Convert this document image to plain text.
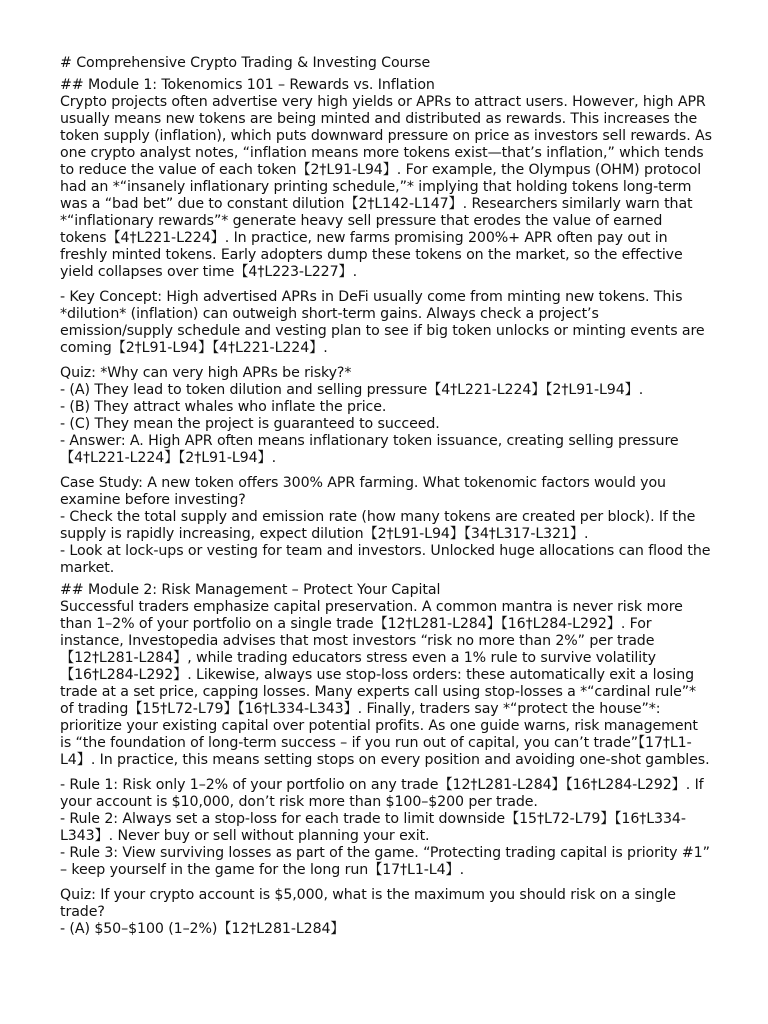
# Comprehensive Crypto Trading & Investing Course
## Module 1: Tokenomics 101 – Rewards vs. Inflation
Crypto projects often advertise very high yields or APRs to attract users. However, high APR usually means new tokens are being minted and distributed as rewards. This increases the token supply (inflation), which puts downward pressure on price as investors sell rewards. As one crypto analyst notes, “inflation means more tokens exist—that’s inflation,” which tends to reduce the value of each token【2†L91-L94】. For example, the Olympus (OHM) protocol had an *“insanely inflationary printing schedule,”* implying that holding tokens long-term was a “bad bet” due to constant dilution【2†L142-L147】. Researchers similarly warn that *“inflationary rewards”* generate heavy sell pressure that erodes the value of earned tokens【4†L221-L224】. In practice, new farms promising 200%+ APR often pay out in freshly minted tokens. Early adopters dump these tokens on the market, so the effective yield collapses over time【4†L223-L227】.
- Key Concept: High advertised APRs in DeFi usually come from minting new tokens. This *dilution* (inflation) can outweigh short-term gains. Always check a project’s emission/supply schedule and vesting plan to see if big token unlocks or minting events are coming【2†L91-L94】【4†L221-L224】.
Quiz: *Why can very high APRs be risky?*
- (A) They lead to token dilution and selling pressure【4†L221-L224】【2†L91-L94】.
- (B) They attract whales who inflate the price.
- (C) They mean the project is guaranteed to succeed.
- Answer: A. High APR often means inflationary token issuance, creating selling pressure【4†L221-L224】【2†L91-L94】.
Case Study: A new token offers 300% APR farming. What tokenomic factors would you examine before investing?
- Check the total supply and emission rate (how many tokens are created per block). If the supply is rapidly increasing, expect dilution【2†L91-L94】【34†L317-L321】.
- Look at lock-ups or vesting for team and investors. Unlocked huge allocations can flood the market.
## Module 2: Risk Management – Protect Your Capital
Successful traders emphasize capital preservation. A common mantra is never risk more than 1–2% of your portfolio on a single trade【12†L281-L284】【16†L284-L292】. For instance, Investopedia advises that most investors “risk no more than 2%” per trade【12†L281-L284】, while trading educators stress even a 1% rule to survive volatility【16†L284-L292】. Likewise, always use stop-loss orders: these automatically exit a losing trade at a set price, capping losses. Many experts call using stop-losses a *“cardinal rule”* of trading【15†L72-L79】【16†L334-L343】. Finally, traders say *“protect the house”*: prioritize your existing capital over potential profits. As one guide warns, risk management is “the foundation of long-term success – if you run out of capital, you can’t trade”【17†L1-L4】. In practice, this means setting stops on every position and avoiding one-shot gambles.
- Rule 1: Risk only 1–2% of your portfolio on any trade【12†L281-L284】【16†L284-L292】. If your account is $10,000, don’t risk more than $100–$200 per trade.
- Rule 2: Always set a stop-loss for each trade to limit downside【15†L72-L79】【16†L334-L343】. Never buy or sell without planning your exit.
- Rule 3: View surviving losses as part of the game. “Protecting trading capital is priority #1” – keep yourself in the game for the long run【17†L1-L4】.
Quiz: If your crypto account is $5,000, what is the maximum you should risk on a single trade?
- (A) $50–$100 (1–2%)【12†L281-L284】
